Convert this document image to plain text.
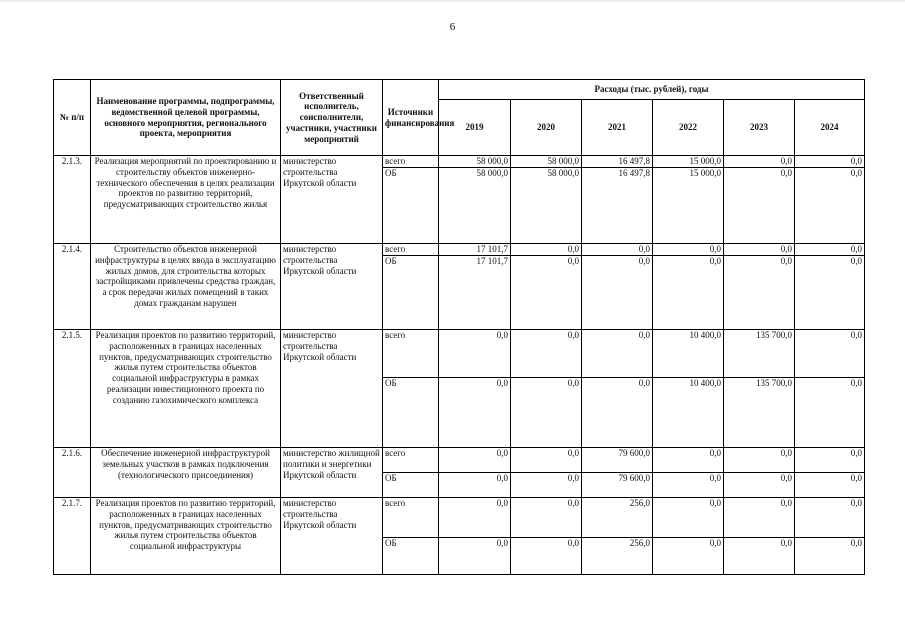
6
№ п/п	Наименование программы, подпрограммы, ведомственной целевой программы, основного мероприятия, регионального проекта, мероприятия	Ответственный исполнитель, соисполнители, участники, участники мероприятий	Источники финансирования	Расходы (тыс. рублей), годы					
				2019	2020	2021	2022	2023	2024
2.1.3.	Реализация мероприятий по проектированию и строительству объектов инженерно-технического обеспечения в целях реализации проектов по развитию территорий, предусматривающих строительство жилья	министерство строительства Иркутской области	всего	58 000,0	58 000,0	16 497,8	15 000,0	0,0	0,0
			ОБ	58 000,0	58 000,0	16 497,8	15 000,0	0,0	0,0
2.1.4.	Строительство объектов инженерной инфраструктуры в целях ввода в эксплуатацию жилых домов, для строительства которых застройщиками привлечены средства граждан, а срок передачи жилых помещений в таких домах гражданам нарушен	министерство строительства Иркутской области	всего	17 101,7	0,0	0,0	0,0	0,0	0,0
			ОБ	17 101,7	0,0	0,0	0,0	0,0	0,0
2.1.5.	Реализация проектов по развитию территорий, расположенных в границах населенных пунктов, предусматривающих строительство жилья путем строительства объектов социальной инфраструктуры в рамках реализации инвестиционного проекта по созданию газохимического комплекса	министерство строительства Иркутской области	всего	0,0	0,0	0,0	10 400,0	135 700,0	0,0
			ОБ	0,0	0,0	0,0	10 400,0	135 700,0	0,0
2.1.6.	Обеспечение инженерной инфраструктурой земельных участков в рамках подключения (технологического присоединения)	министерство жилищной политики и энергетики Иркутской области	всего	0,0	0,0	79 600,0	0,0	0,0	0,0
			ОБ	0,0	0,0	79 600,0	0,0	0,0	0,0
2.1.7.	Реализация проектов по развитию территорий, расположенных в границах населенных пунктов, предусматривающих строительство жилья путем строительства объектов социальной инфраструктуры	министерство строительства Иркутской области	всего	0,0	0,0	256,0	0,0	0,0	0,0
			ОБ	0,0	0,0	256,0	0,0	0,0	0,0
